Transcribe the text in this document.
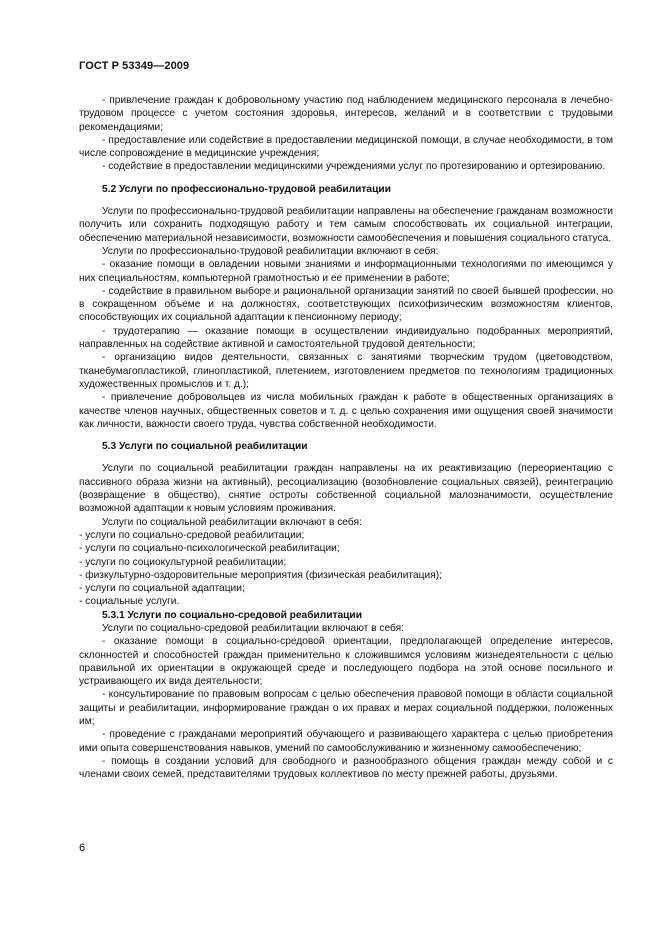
ГОСТ Р 53349—2009

- привлечение граждан к добровольному участию под наблюдением медицинского персонала в лечебно-трудовом процессе с учетом состояния здоровья, интересов, желаний и в соответствии с трудовыми рекомендациями;

- предоставление или содействие в предоставлении медицинской помощи, в случае необходимости, в том числе сопровождение в медицинские учреждения;

- содействие в предоставлении медицинскими учреждениями услуг по протезированию и ортезированию.

5.2 Услуги по профессионально-трудовой реабилитации

Услуги по профессионально-трудовой реабилитации направлены на обеспечение гражданам возможности получить или сохранить подходящую работу и тем самым способствовать их социальной интеграции, обеспечению материальной независимости, возможности самообеспечения и повышения социального статуса.

Услуги по профессионально-трудовой реабилитации включают в себя:

- оказание помощи в овладении новыми знаниями и информационными технологиями по имеющимся у них специальностям, компьютерной грамотностью и ее применении в работе;

- содействие в правильном выборе и рациональной организации занятий по своей бывшей профессии, но в сокращенном объеме и на должностях, соответствующих психофизическим возможностям клиентов, способствующих их социальной адаптации к пенсионному периоду;

- трудотерапию — оказание помощи в осуществлении индивидуально подобранных мероприятий, направленных на содействие активной и самостоятельной трудовой деятельности;

- организацию видов деятельности, связанных с занятиями творческим трудом (цветоводством, тканебумагопластикой, глинопластикой, плетением, изготовлением предметов по технологиям традиционных художественных промыслов и т. д.);

- привлечение добровольцев из числа мобильных граждан к работе в общественных организациях в качестве членов научных, общественных советов и т. д. с целью сохранения ими ощущения своей значимости как личности, важности своего труда, чувства собственной необходимости.

5.3 Услуги по социальной реабилитации

Услуги по социальной реабилитации граждан направлены на их реактивизацию (переориентацию с пассивного образа жизни на активный), ресоциализацию (возобновление социальных связей), реинтеграцию (возвращение в общество), снятие остроты собственной социальной малозначимости, осуществление возможной адаптации к новым условиям проживания.

Услуги по социальной реабилитации включают в себя:

- услуги по социально-средовой реабилитации;

- услуги по социально-психологической реабилитации;

- услуги по социокультурной реабилитации;

- физкультурно-оздоровительные мероприятия (физическая реабилитация);

- услуги по социальной адаптации;

- социальные услуги.

5.3.1 Услуги по социально-средовой реабилитации

Услуги по социально-средовой реабилитации включают в себя:

- оказание помощи в социально-средовой ориентации, предполагающей определение интересов, склонностей и способностей граждан применительно к сложившимся условиям жизнедеятельности с целью правильной их ориентации в окружающей среде и последующего подбора на этой основе посильного и устраивающего их вида деятельности;

- консультирование по правовым вопросам с целью обеспечения правовой помощи в области социальной защиты и реабилитации, информирование граждан о их правах и мерах социальной поддержки, положенных им;

- проведение с гражданами мероприятий обучающего и развивающего характера с целью приобретения ими опыта совершенствования навыков, умений по самообслуживанию и жизненному самообеспечению;

- помощь в создании условий для свободного и разнообразного общения граждан между собой и с членами своих семей, представителями трудовых коллективов по месту прежней работы, друзьями.

6
